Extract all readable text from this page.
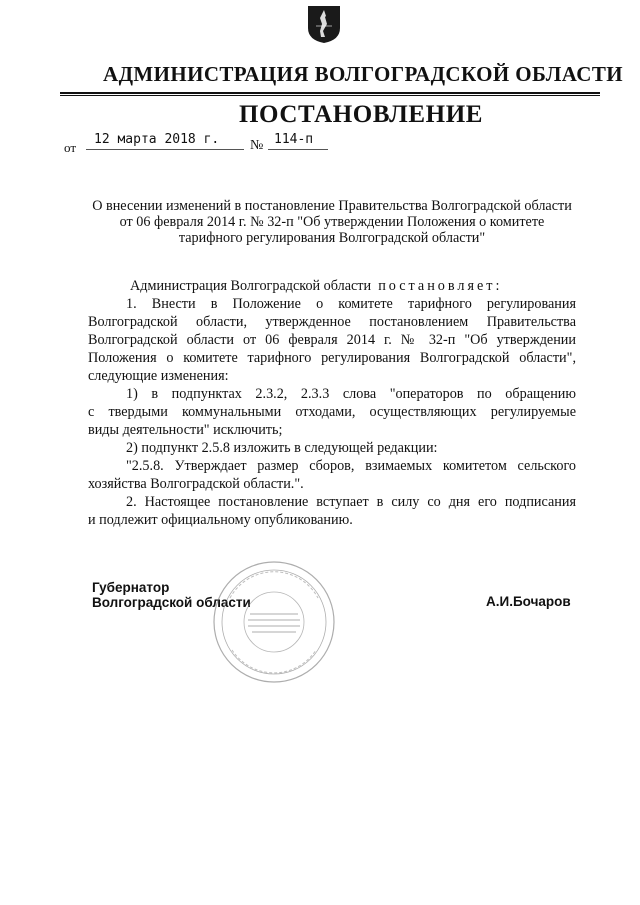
АДМИНИСТРАЦИЯ ВОЛГОГРАДСКОЙ ОБЛАСТИ
ПОСТАНОВЛЕНИЕ
от
12 марта 2018 г.	№ 114-п
О внесении изменений в постановление Правительства Волгоградской области
от 06 февраля 2014 г. № 32-п "Об утверждении Положения о комитете
тарифного регулирования Волгоградской области"
Администрация Волгоградской области постановляет:
1. Внести в Положение о комитете тарифного регулирования
Волгоградской области, утвержденное постановлением Правительства
Волгоградской области от 06 февраля 2014 г. № 32-п "Об утверждении
Положения о комитете тарифного регулирования Волгоградской области",
следующие изменения:
1) в подпунктах 2.3.2, 2.3.3 слова "операторов по обращению
с твердыми коммунальными отходами, осуществляющих регулируемые
виды деятельности" исключить;
2) подпункт 2.5.8 изложить в следующей редакции:
"2.5.8. Утверждает размер сборов, взимаемых комитетом сельского
хозяйства Волгоградской области.".
2. Настоящее постановление вступает в силу со дня его подписания
и подлежит официальному опубликованию.
Губернатор
Волгоградской области	А.И.Бочаров
